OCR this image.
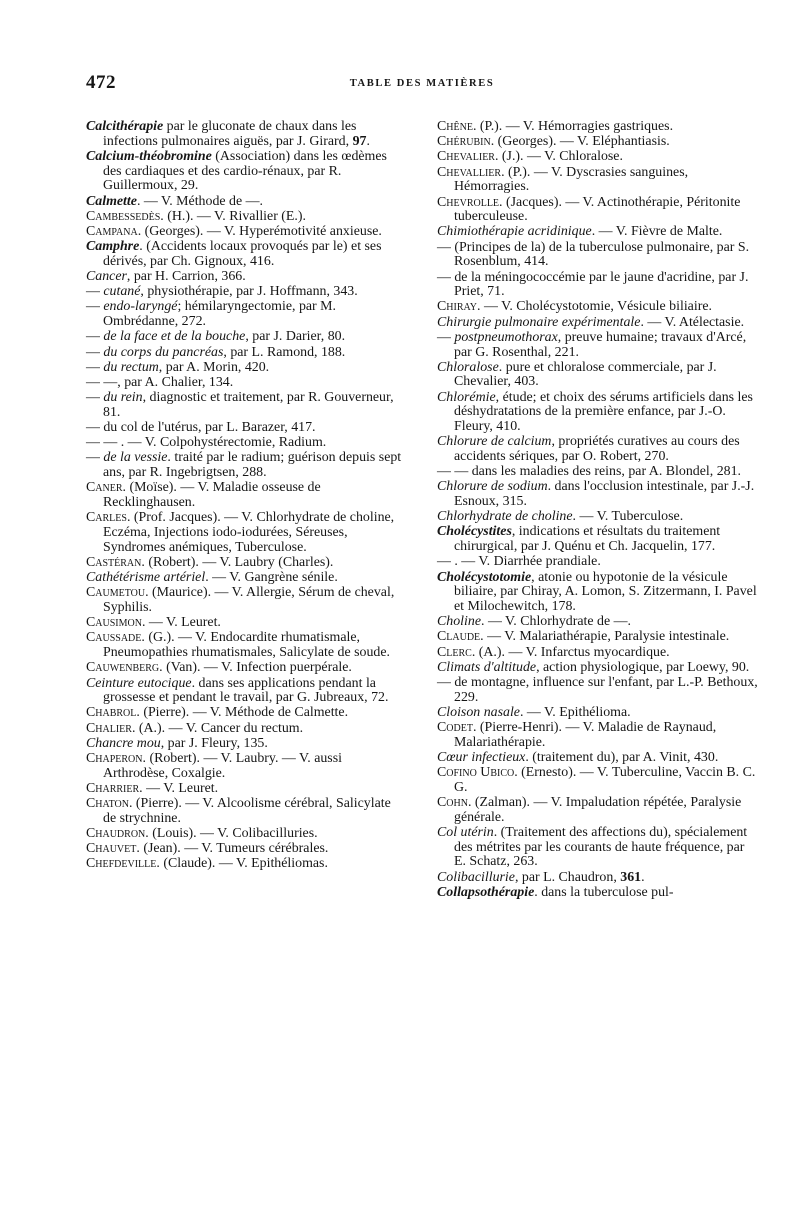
472	TABLE DES MATIÈRES

Calcithérapie par le gluconate de chaux dans les infections pulmonaires aiguës, par J. Girard, 97.

Calcium-théobromine (Association) dans les œdèmes des cardiaques et des cardio-rénaux, par R. Guillermoux, 29.

Calmette. — V. Méthode de —.

Cambessedès. (H.). — V. Rivallier (E.).

Campana. (Georges). — V. Hyperémotivité anxieuse.

Camphre. (Accidents locaux provoqués par le) et ses dérivés, par Ch. Gignoux, 416.

Cancer, par H. Carrion, 366.

— cutané, physiothérapie, par J. Hoffmann, 343.

— endo-laryngé; hémilaryngectomie, par M. Ombrédanne, 272.

— de la face et de la bouche, par J. Darier, 80.

— du corps du pancréas, par L. Ramond, 188.

— du rectum, par A. Morin, 420.

— —, par A. Chalier, 134.

— du rein, diagnostic et traitement, par R. Gouverneur, 81.

— du col de l'utérus, par L. Barazer, 417.

— — . — V. Colpohystérectomie, Radium.

— de la vessie. traité par le radium; guérison depuis sept ans, par R. Ingebrigtsen, 288.

Caner. (Moïse). — V. Maladie osseuse de Recklinghausen.

Carles. (Prof. Jacques). — V. Chlorhydrate de choline, Eczéma, Injections iodo-iodurées, Séreuses, Syndromes anémiques, Tuberculose.

Castéran. (Robert). — V. Laubry (Charles).

Cathétérisme artériel. — V. Gangrène sénile.

Caumetou. (Maurice). — V. Allergie, Sérum de cheval, Syphilis.

Causimon. — V. Leuret.

Caussade. (G.). — V. Endocardite rhumatismale, Pneumopathies rhumatismales, Salicylate de soude.

Cauwenberg. (Van). — V. Infection puerpérale.

Ceinture eutocique. dans ses applications pendant la grossesse et pendant le travail, par G. Jubreaux, 72.

Chabrol. (Pierre). — V. Méthode de Calmette.

Chalier. (A.). — V. Cancer du rectum.

Chancre mou, par J. Fleury, 135.

Chaperon. (Robert). — V. Laubry. — V. aussi Arthrodèse, Coxalgie.

Charrier. — V. Leuret.

Chaton. (Pierre). — V. Alcoolisme cérébral, Salicylate de strychnine.

Chaudron. (Louis). — V. Colibacilluries.

Chauvet. (Jean). — V. Tumeurs cérébrales.

Chefdeville. (Claude). — V. Epithéliomas.

Chêne. (P.). — V. Hémorragies gastriques.

Chérubin. (Georges). — V. Eléphantiasis.

Chevalier. (J.). — V. Chloralose.

Chevallier. (P.). — V. Dyscrasies sanguines, Hémorragies.

Chevrolle. (Jacques). — V. Actinothérapie, Péritonite tuberculeuse.

Chimiothérapie acridinique. — V. Fièvre de Malte.

— (Principes de la) de la tuberculose pulmonaire, par S. Rosenblum, 414.

— de la méningococcémie par le jaune d'acridine, par J. Priet, 71.

Chiray. — V. Cholécystotomie, Vésicule biliaire.

Chirurgie pulmonaire expérimentale. — V. Atélectasie.

— postpneumothorax, preuve humaine; travaux d'Arcé, par G. Rosenthal, 221.

Chloralose. pure et chloralose commerciale, par J. Chevalier, 403.

Chlorémie, étude; et choix des sérums artificiels dans les déshydratations de la première enfance, par J.-O. Fleury, 410.

Chlorure de calcium, propriétés curatives au cours des accidents sériques, par O. Robert, 270.

— — dans les maladies des reins, par A. Blondel, 281.

Chlorure de sodium. dans l'occlusion intestinale, par J.-J. Esnoux, 315.

Chlorhydrate de choline. — V. Tuberculose.

Cholécystites, indications et résultats du traitement chirurgical, par J. Quénu et Ch. Jacquelin, 177.

— . — V. Diarrhée prandiale.

Cholécystotomie, atonie ou hypotonie de la vésicule biliaire, par Chiray, A. Lomon, S. Zitzermann, I. Pavel et Milochewitch, 178.

Choline. — V. Chlorhydrate de —.

Claude. — V. Malariathérapie, Paralysie intestinale.

Clerc. (A.). — V. Infarctus myocardique.

Climats d'altitude, action physiologique, par Loewy, 90.

— de montagne, influence sur l'enfant, par L.-P. Bethoux, 229.

Cloison nasale. — V. Epithélioma.

Codet. (Pierre-Henri). — V. Maladie de Raynaud, Malariathérapie.

Cœur infectieux. (traitement du), par A. Vinit, 430.

Cofino Ubico. (Ernesto). — V. Tuberculine, Vaccin B. C. G.

Cohn. (Zalman). — V. Impaludation répétée, Paralysie générale.

Col utérin. (Traitement des affections du), spécialement des métrites par les courants de haute fréquence, par E. Schatz, 263.

Colibacillurie, par L. Chaudron, 361.

Collapsothérapie. dans la tuberculose pul-
